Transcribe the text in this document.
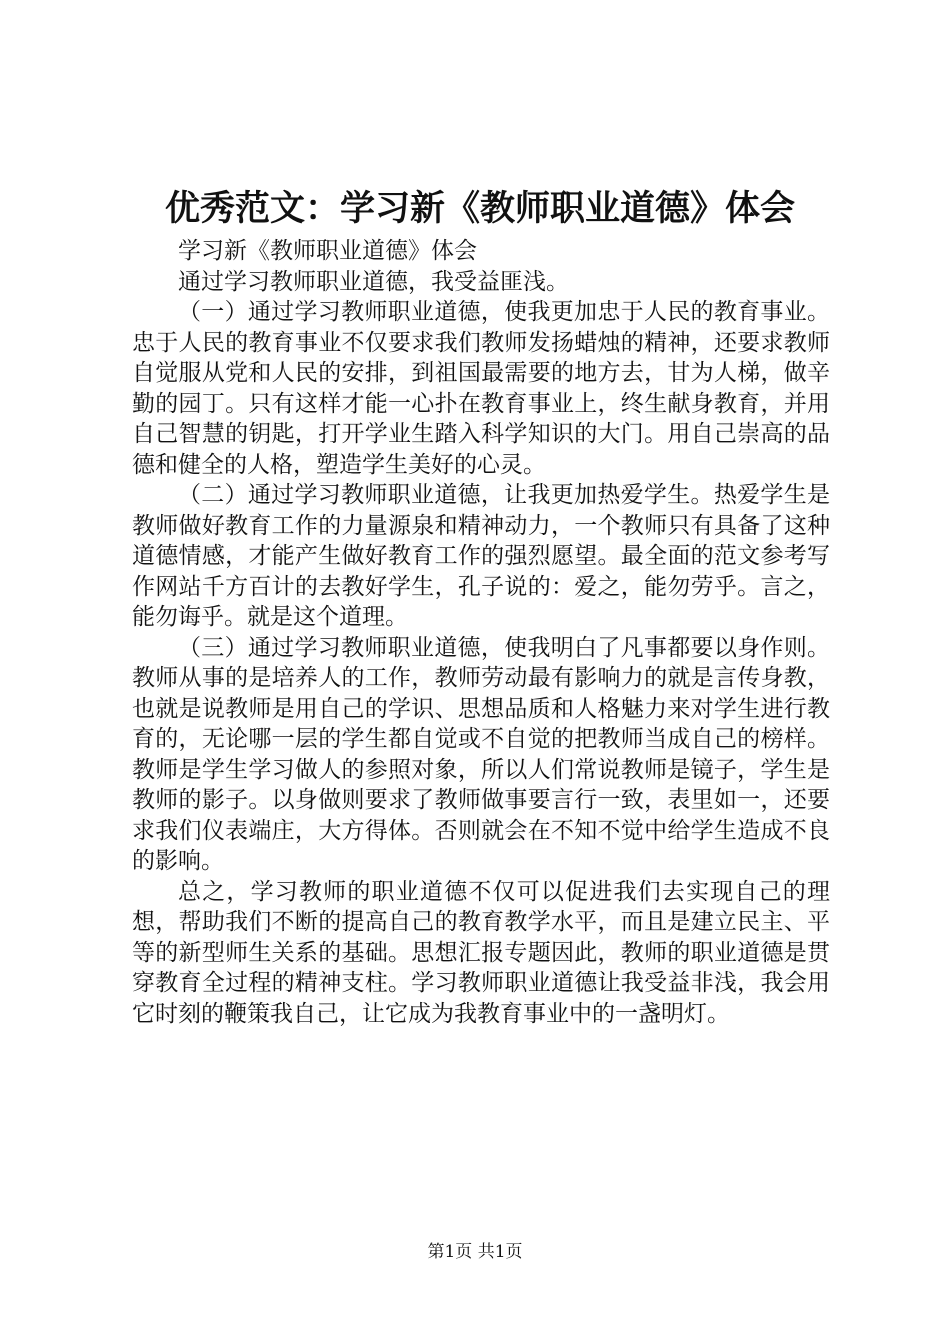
优秀范文：学习新《教师职业道德》体会

学习新《教师职业道德》体会

通过学习教师职业道德，我受益匪浅。

（一）通过学习教师职业道德，使我更加忠于人民的教育事业。忠于人民的教育事业不仅要求我们教师发扬蜡烛的精神，还要求教师自觉服从党和人民的安排，到祖国最需要的地方去，甘为人梯，做辛勤的园丁。只有这样才能一心扑在教育事业上，终生献身教育，并用自己智慧的钥匙，打开学业生踏入科学知识的大门。用自己崇高的品德和健全的人格，塑造学生美好的心灵。

（二）通过学习教师职业道德，让我更加热爱学生。热爱学生是教师做好教育工作的力量源泉和精神动力，一个教师只有具备了这种道德情感，才能产生做好教育工作的强烈愿望。最全面的范文参考写作网站千方百计的去教好学生，孔子说的：爱之，能勿劳乎。言之，能勿诲乎。就是这个道理。

（三）通过学习教师职业道德，使我明白了凡事都要以身作则。教师从事的是培养人的工作，教师劳动最有影响力的就是言传身教，也就是说教师是用自己的学识、思想品质和人格魅力来对学生进行教育的，无论哪一层的学生都自觉或不自觉的把教师当成自己的榜样。教师是学生学习做人的参照对象，所以人们常说教师是镜子，学生是教师的影子。以身做则要求了教师做事要言行一致，表里如一，还要求我们仪表端庄，大方得体。否则就会在不知不觉中给学生造成不良的影响。

总之，学习教师的职业道德不仅可以促进我们去实现自己的理想，帮助我们不断的提高自己的教育教学水平，而且是建立民主、平等的新型师生关系的基础。思想汇报专题因此，教师的职业道德是贯穿教育全过程的精神支柱。学习教师职业道德让我受益非浅，我会用它时刻的鞭策我自己，让它成为我教育事业中的一盏明灯。

第1页 共1页
